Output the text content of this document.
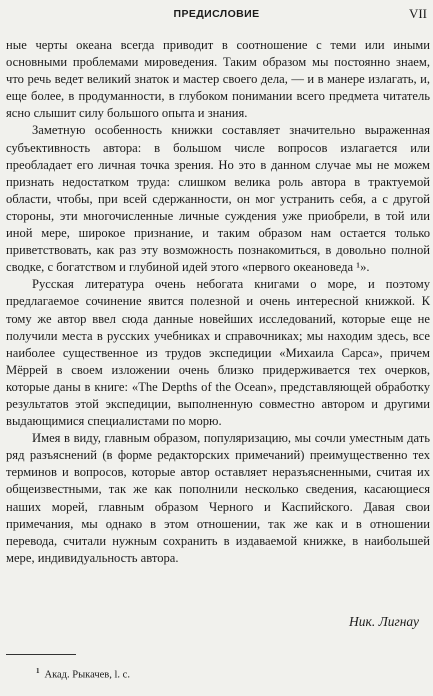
ПРЕДИСЛОВИЕ	VII

ные черты океана всегда приводит в соотношение с теми или иными основными проблемами мироведения. Таким образом мы постоянно знаем, что речь ведет великий знаток и мастер своего дела, — и в манере излагать, и, еще более, в продуманности, в глубоком понимании всего предмета читатель ясно слышит силу большого опыта и знания.

Заметную особенность книжки составляет значительно выраженная субъективность автора: в большом числе вопросов излагается или преобладает его личная точка зрения. Но это в данном случае мы не можем признать недостатком труда: слишком велика роль автора в трактуемой области, чтобы, при всей сдержанности, он мог устранить себя, а с другой стороны, эти многочисленные личные суждения уже приобрели, в той или иной мере, широкое признание, и таким образом нам остается только приветствовать, как раз эту возможность познакомиться, в довольно полной сводке, с богатством и глубиной идей этого «первого океановеда ¹».

Русская литература очень небогата книгами о море, и поэтому предлагаемое сочинение явится полезной и очень интересной книжкой. К тому же автор ввел сюда данные новейших исследований, которые еще не получили места в русских учебниках и справочниках; мы находим здесь, все наиболее существенное из трудов экспедиции «Михаила Сарса», причем Мёррей в своем изложении очень близко придерживается тех очерков, которые даны в книге: «The Depths of the Ocean», представляющей обработку результатов этой экспедиции, выполненную совместно автором и другими выдающимися специалистами по морю.

Имея в виду, главным образом, популяризацию, мы сочли уместным дать ряд разъяснений (в форме редакторских примечаний) преимущественно тех терминов и вопросов, которые автор оставляет неразъясненными, считая их общеизвестными, так же как пополнили несколько сведения, касающиеся наших морей, главным образом Черного и Каспийского. Давая свои примечания, мы однако в этом отношении, так же как и в отношении перевода, считали нужным сохранить в издаваемой книжке, в наибольшей мере, индивидуальность автора.

Ник. Лигнау
$^1$ Акад. Рыкачев, l. c.
